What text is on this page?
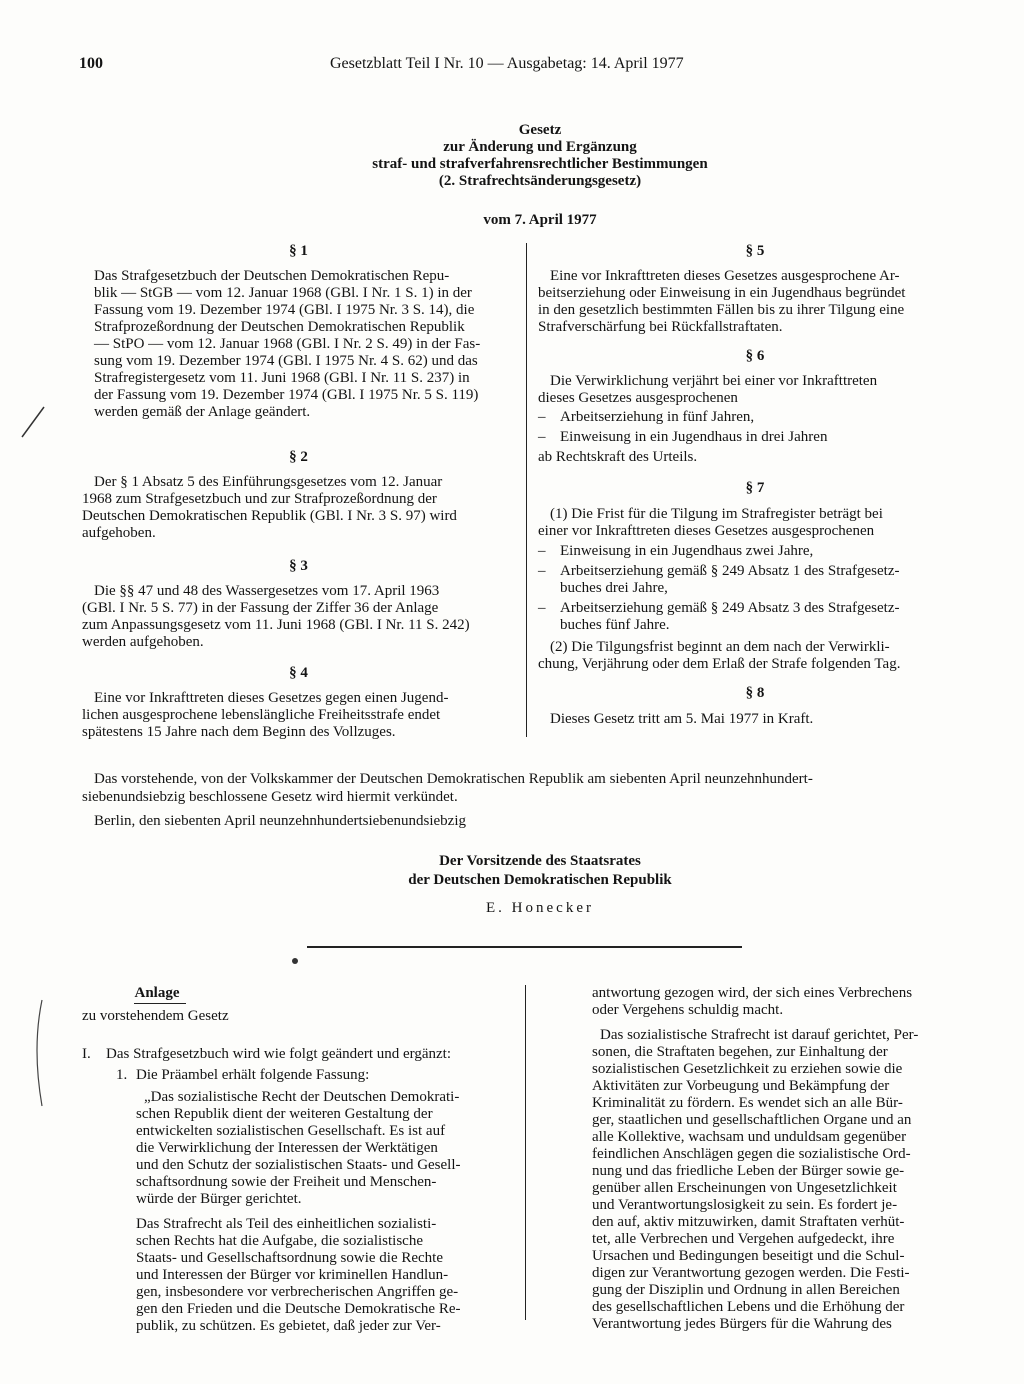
100	Gesetzblatt Teil I Nr. 10 — Ausgabetag: 14. April 1977
Gesetz
zur Änderung und Ergänzung
straf- und strafverfahrensrechtlicher Bestimmungen
(2. Strafrechtsänderungsgesetz)
vom 7. April 1977
§ 1
Das Strafgesetzbuch der Deutschen Demokratischen Repu-
blik — StGB — vom 12. Januar 1968 (GBl. I Nr. 1 S. 1) in der
Fassung vom 19. Dezember 1974 (GBl. I 1975 Nr. 3 S. 14), die
Strafprozeßordnung der Deutschen Demokratischen Republik
— StPO — vom 12. Januar 1968 (GBl. I Nr. 2 S. 49) in der Fas-
sung vom 19. Dezember 1974 (GBl. I 1975 Nr. 4 S. 62) und das
Strafregistergesetz vom 11. Juni 1968 (GBl. I Nr. 11 S. 237) in
der Fassung vom 19. Dezember 1974 (GBl. I 1975 Nr. 5 S. 119)
werden gemäß der Anlage geändert.
§ 2
Der § 1 Absatz 5 des Einführungsgesetzes vom 12. Januar
1968 zum Strafgesetzbuch und zur Strafprozeßordnung der
Deutschen Demokratischen Republik (GBl. I Nr. 3 S. 97) wird
aufgehoben.
§ 3
Die §§ 47 und 48 des Wassergesetzes vom 17. April 1963
(GBl. I Nr. 5 S. 77) in der Fassung der Ziffer 36 der Anlage
zum Anpassungsgesetz vom 11. Juni 1968 (GBl. I Nr. 11 S. 242)
werden aufgehoben.
§ 4
Eine vor Inkrafttreten dieses Gesetzes gegen einen Jugend-
lichen ausgesprochene lebenslängliche Freiheitsstrafe endet
spätestens 15 Jahre nach dem Beginn des Vollzuges.
§ 5
Eine vor Inkrafttreten dieses Gesetzes ausgesprochene Ar-
beitserziehung oder Einweisung in ein Jugendhaus begründet
in den gesetzlich bestimmten Fällen bis zu ihrer Tilgung eine
Strafverschärfung bei Rückfallstraftaten.
§ 6
Die Verwirklichung verjährt bei einer vor Inkrafttreten
dieses Gesetzes ausgesprochenen
– Arbeitserziehung in fünf Jahren,
– Einweisung in ein Jugendhaus in drei Jahren
ab Rechtskraft des Urteils.
§ 7
(1) Die Frist für die Tilgung im Strafregister beträgt bei
einer vor Inkrafttreten dieses Gesetzes ausgesprochenen
– Einweisung in ein Jugendhaus zwei Jahre,
– Arbeitserziehung gemäß § 249 Absatz 1 des Strafgesetz-
buches drei Jahre,
– Arbeitserziehung gemäß § 249 Absatz 3 des Strafgesetz-
buches fünf Jahre.
(2) Die Tilgungsfrist beginnt an dem nach der Verwirkli-
chung, Verjährung oder dem Erlaß der Strafe folgenden Tag.
§ 8
Dieses Gesetz tritt am 5. Mai 1977 in Kraft.
Das vorstehende, von der Volkskammer der Deutschen Demokratischen Republik am siebenten April neunzehnhundert-
siebenundsiebzig beschlossene Gesetz wird hiermit verkündet.
Berlin, den siebenten April neunzehnhundertsiebenundsiebzig
Der Vorsitzende des Staatsrates
der Deutschen Demokratischen Republik
E. Honecker
Anlage
zu vorstehendem Gesetz
I. Das Strafgesetzbuch wird wie folgt geändert und ergänzt:
1. Die Präambel erhält folgende Fassung:
„Das sozialistische Recht der Deutschen Demokrati-
schen Republik dient der weiteren Gestaltung der
entwickelten sozialistischen Gesellschaft. Es ist auf
die Verwirklichung der Interessen der Werktätigen
und den Schutz der sozialistischen Staats- und Gesell-
schaftsordnung sowie der Freiheit und Menschen-
würde der Bürger gerichtet.
Das Strafrecht als Teil des einheitlichen sozialisti-
schen Rechts hat die Aufgabe, die sozialistische
Staats- und Gesellschaftsordnung sowie die Rechte
und Interessen der Bürger vor kriminellen Handlun-
gen, insbesondere vor verbrecherischen Angriffen ge-
gen den Frieden und die Deutsche Demokratische Re-
publik, zu schützen. Es gebietet, daß jeder zur Ver-
antwortung gezogen wird, der sich eines Verbrechens
oder Vergehens schuldig macht.
Das sozialistische Strafrecht ist darauf gerichtet, Per-
sonen, die Straftaten begehen, zur Einhaltung der
sozialistischen Gesetzlichkeit zu erziehen sowie die
Aktivitäten zur Vorbeugung und Bekämpfung der
Kriminalität zu fördern. Es wendet sich an alle Bür-
ger, staatlichen und gesellschaftlichen Organe und an
alle Kollektive, wachsam und unduldsam gegenüber
feindlichen Anschlägen gegen die sozialistische Ord-
nung und das friedliche Leben der Bürger sowie ge-
genüber allen Erscheinungen von Ungesetzlichkeit
und Verantwortungslosigkeit zu sein. Es fordert je-
den auf, aktiv mitzuwirken, damit Straftaten verhüt-
tet, alle Verbrechen und Vergehen aufgedeckt, ihre
Ursachen und Bedingungen beseitigt und die Schul-
digen zur Verantwortung gezogen werden. Die Festi-
gung der Disziplin und Ordnung in allen Bereichen
des gesellschaftlichen Lebens und die Erhöhung der
Verantwortung jedes Bürgers für die Wahrung des
